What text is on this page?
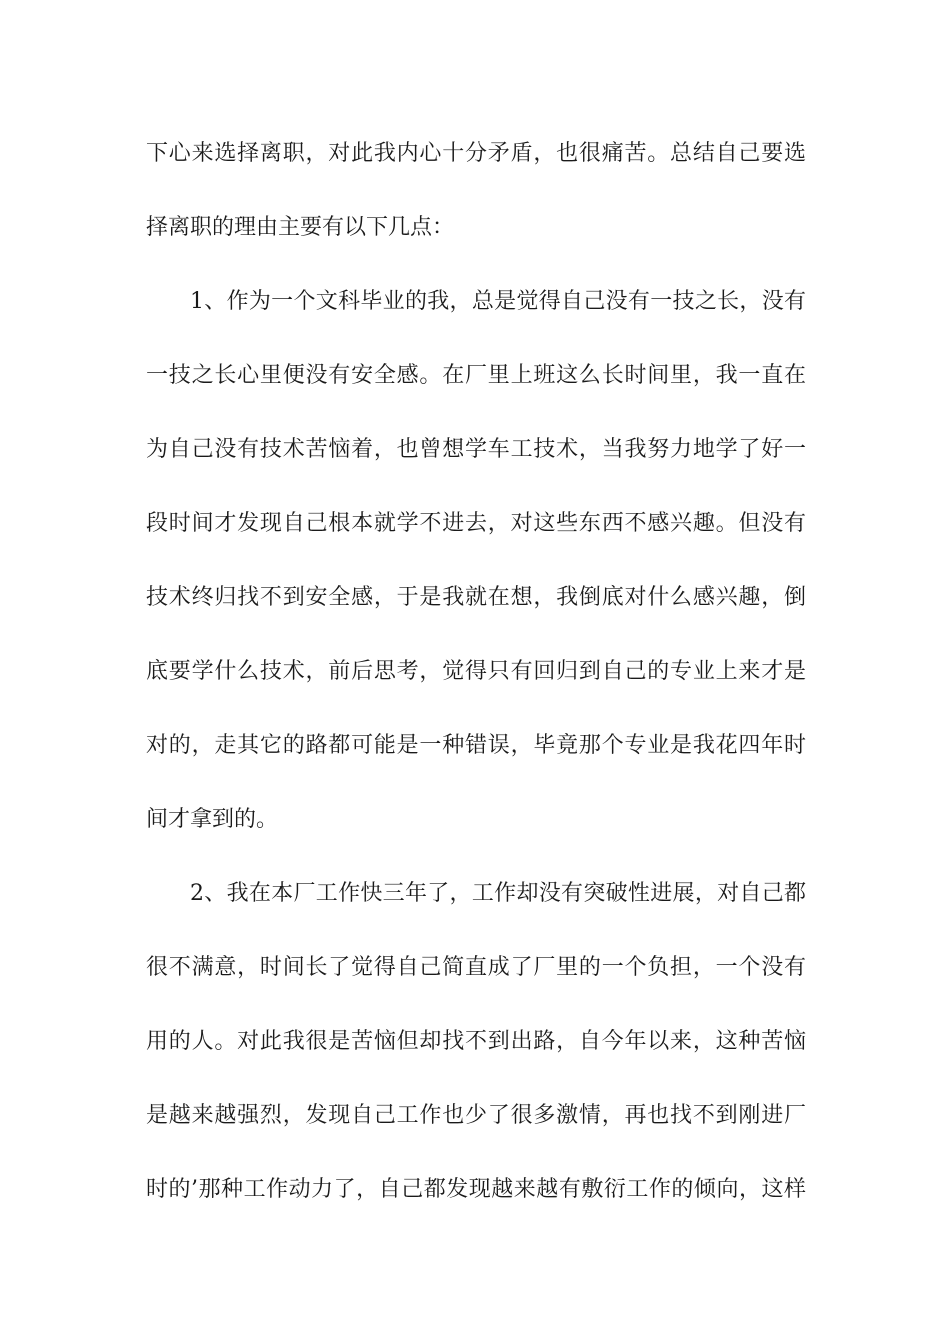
下心来选择离职，对此我内心十分矛盾，也很痛苦。总结自己要选
择离职的理由主要有以下几点：
1、作为一个文科毕业的我，总是觉得自己没有一技之长，没有
一技之长心里便没有安全感。在厂里上班这么长时间里，我一直在
为自己没有技术苦恼着，也曾想学车工技术，当我努力地学了好一
段时间才发现自己根本就学不进去，对这些东西不感兴趣。但没有
技术终归找不到安全感，于是我就在想，我倒底对什么感兴趣，倒
底要学什么技术，前后思考，觉得只有回归到自己的专业上来才是
对的，走其它的路都可能是一种错误，毕竟那个专业是我花四年时
间才拿到的。
2、我在本厂工作快三年了，工作却没有突破性进展，对自己都
很不满意，时间长了觉得自己简直成了厂里的一个负担，一个没有
用的人。对此我很是苦恼但却找不到出路，自今年以来，这种苦恼
是越来越强烈，发现自己工作也少了很多激情，再也找不到刚进厂
时的’那种工作动力了，自己都发现越来越有敷衍工作的倾向，这样
